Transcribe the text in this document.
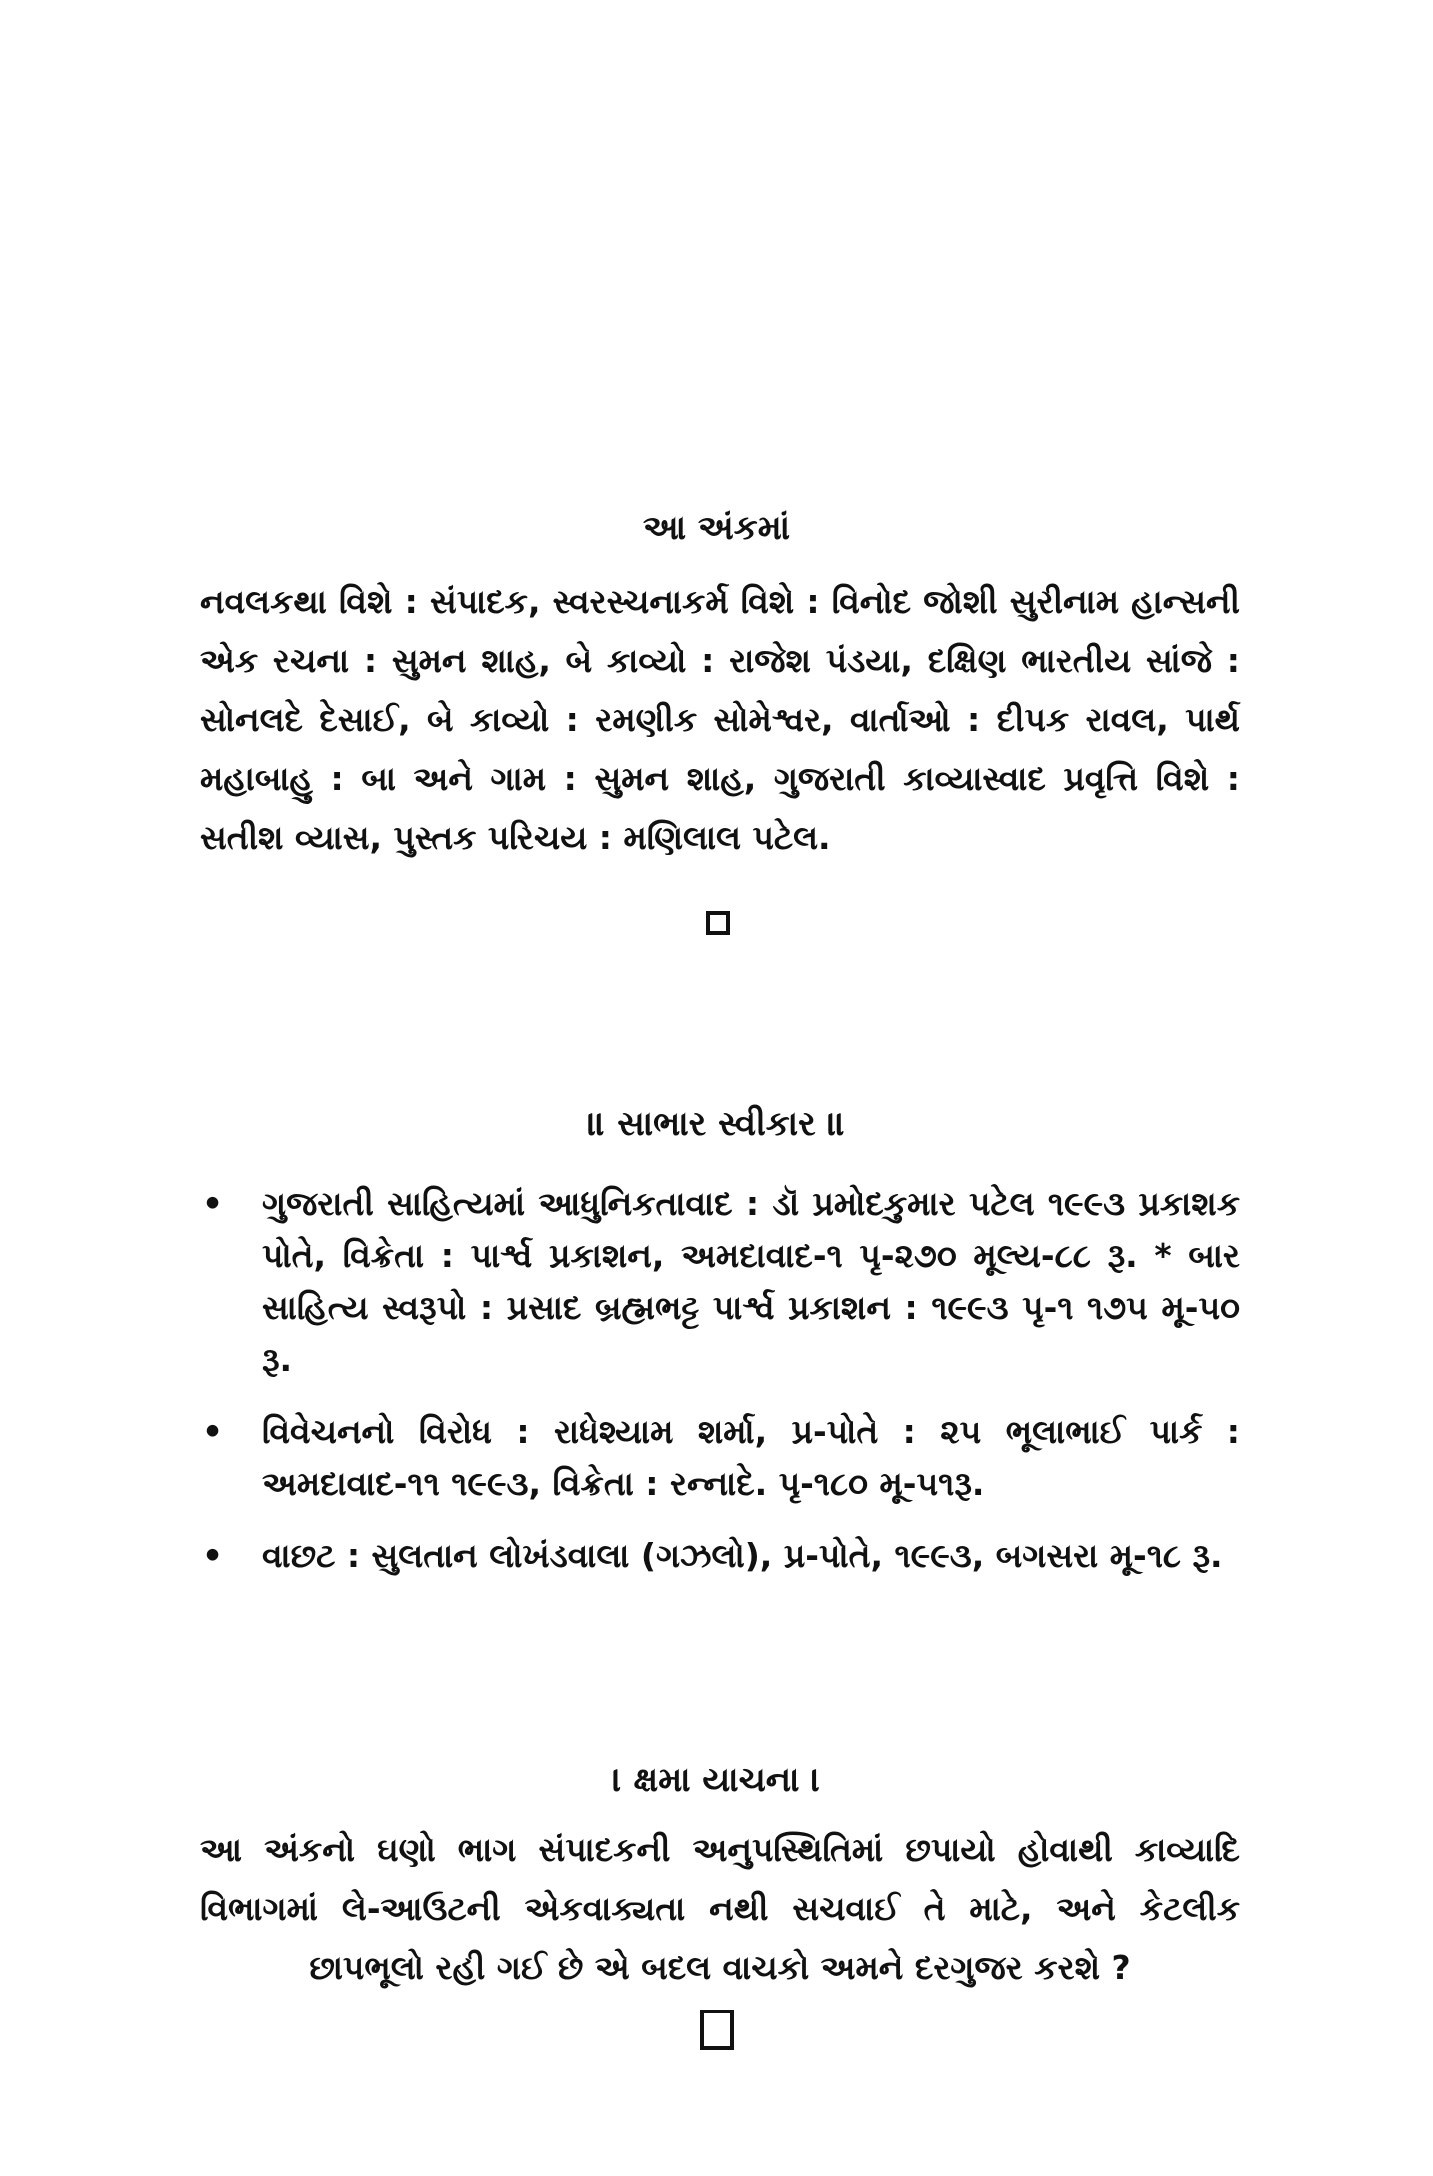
આ અંકમાં
નવલકથા વિશે : સંપાદક, સ્વરસ્ચનાકર્મ વિશે : વિનોદ જોશી સુરીનામ હાન્સની એક રચના : સુમન શાહ, બે કાવ્યો : રાજેશ પંડયા, દક્ષિણ ભારતીય સાંજે : સોનલદે દેસાઈ, બે કાવ્યો : રમણીક સોમેશ્વર, વાર્તાઓ : દીપક રાવલ, પાર્થ મહાબાહુ : બા અને ગામ : સુમન શાહ, ગુજરાતી કાવ્યાસ્વાદ પ્રવૃત્તિ વિશે : સતીશ વ્યાસ, પુસ્તક પરિચય : મણિલાલ પટેલ.
॥ સાભાર સ્વીકાર ॥
• ગુજરાતી સાહિત્યમાં આધુનિકતાવાદ : ડૉ પ્રમોદકુમાર પટેલ ૧૯૯૩ પ્રકાશક પોતે, વિક્રેતા : પાર્શ્વ પ્રકાશન, અમદાવાદ-૧ પૃ-૨૭૦ મૂલ્ય-૮૮ રૂ. * બાર સાહિત્ય સ્વરૂપો : પ્રસાદ બ્રહ્મભટ્ટ પાર્શ્વ પ્રકાશન : ૧૯૯૩ પૃ-૧ ૧૭૫ મૂ-૫૦ રૂ.
• વિવેચનનો વિરોધ : રાધેશ્યામ શર્મા, પ્ર-પોતે : ૨૫ ભૂલાભાઈ પાર્ક : અમદાવાદ-૧૧ ૧૯૯૩, વિક્રેતા : રન્નાદે. પૃ-૧૮૦ મૂ-૫૧રૂ.
• વાછટ : સુલતાન લોખંડવાલા (ગઝલો), પ્ર-પોતે, ૧૯૯૩, બગસરા મૂ-૧૮ રૂ.
। ક્ષમા યાચના ।
આ અંકનો ઘણો ભાગ સંપાદકની અનુપસ્થિતિમાં છપાયો હોવાથી કાવ્યાદિ વિભાગમાં લે-આઉટની એકવાક્યતા નથી સચવાઈ તે માટે, અને કેટલીક છાપભૂલો રહી ગઈ છે એ બદલ વાચકો અમને દરગુજર કરશે ?
